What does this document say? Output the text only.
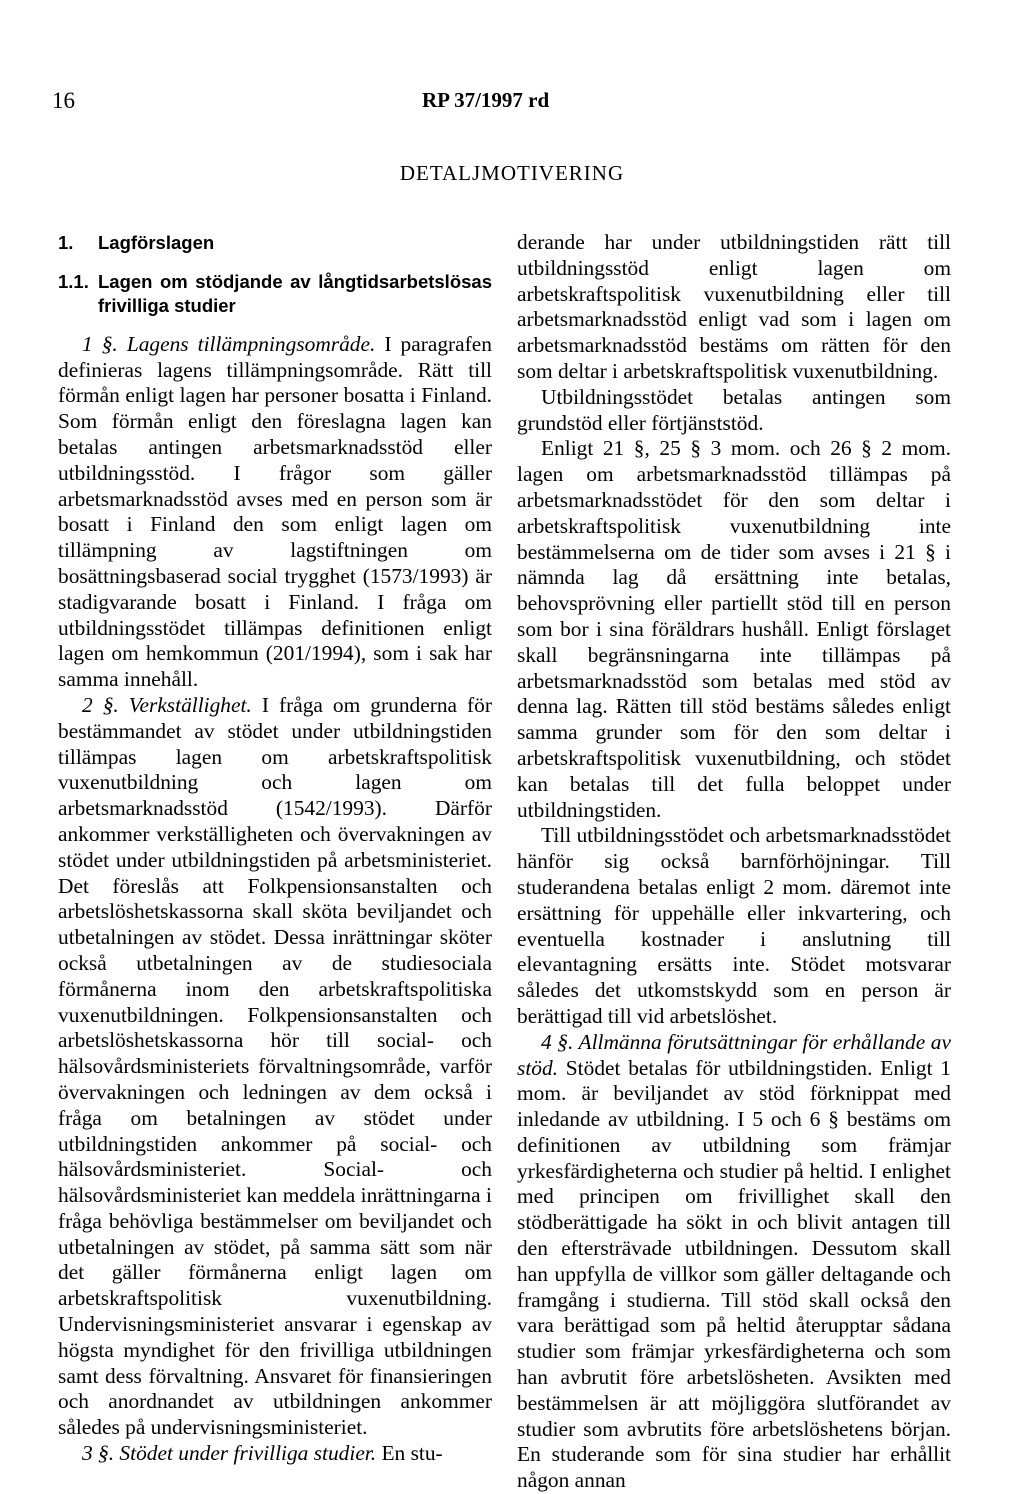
16	RP 37/1997 rd
DETALJMOTIVERING

1. Lagförslagen

1.1. Lagen om stödjande av långtidsarbetslösas frivilliga studier

1 §. Lagens tillämpningsområde. I paragrafen definieras lagens tillämpningsområde. Rätt till förmån enligt lagen har personer bosatta i Finland. Som förmån enligt den föreslagna lagen kan betalas antingen arbetsmarknadsstöd eller utbildningsstöd. I frågor som gäller arbetsmarknadsstöd avses med en person som är bosatt i Finland den som enligt lagen om tillämpning av lagstiftningen om bosättningsbaserad social trygghet (1573/1993) är stadigvarande bosatt i Finland. I fråga om utbildningsstödet tillämpas definitionen enligt lagen om hemkommun (201/1994), som i sak har samma innehåll.

2 §. Verkställighet. I fråga om grunderna för bestämmandet av stödet under utbildningstiden tillämpas lagen om arbetskraftspolitisk vuxenutbildning och lagen om arbetsmarknadsstöd (1542/1993). Därför ankommer verkställigheten och övervakningen av stödet under utbildningstiden på arbetsministeriet. Det föreslås att Folkpensionsanstalten och arbetslöshetskassorna skall sköta beviljandet och utbetalningen av stödet. Dessa inrättningar sköter också utbetalningen av de studiesociala förmånerna inom den arbetskraftspolitiska vuxenutbildningen. Folkpensionsanstalten och arbetslöshetskassorna hör till social- och hälsovårdsministeriets förvaltningsområde, varför övervakningen och ledningen av dem också i fråga om betalningen av stödet under utbildningstiden ankommer på social- och hälsovårdsministeriet. Social- och hälsovårdsministeriet kan meddela inrättningarna i fråga behövliga bestämmelser om beviljandet och utbetalningen av stödet, på samma sätt som när det gäller förmånerna enligt lagen om arbetskraftspolitisk vuxenutbildning. Undervisningsministeriet ansvarar i egenskap av högsta myndighet för den frivilliga utbildningen samt dess förvaltning. Ansvaret för finansieringen och anordnandet av utbildningen ankommer således på undervisningsministeriet.

3 §. Stödet under frivilliga studier. En stu-

derande har under utbildningstiden rätt till utbildningsstöd enligt lagen om arbetskraftspolitisk vuxenutbildning eller till arbetsmarknadsstöd enligt vad som i lagen om arbetsmarknadsstöd bestäms om rätten för den som deltar i arbetskraftspolitisk vuxenutbildning.

Utbildningsstödet betalas antingen som grundstöd eller förtjänststöd.

Enligt 21 §, 25 § 3 mom. och 26 § 2 mom. lagen om arbetsmarknadsstöd tillämpas på arbetsmarknadsstödet för den som deltar i arbetskraftspolitisk vuxenutbildning inte bestämmelserna om de tider som avses i 21 § i nämnda lag då ersättning inte betalas, behovsprövning eller partiellt stöd till en person som bor i sina föräldrars hushåll. Enligt förslaget skall begränsningarna inte tillämpas på arbetsmarknadsstöd som betalas med stöd av denna lag. Rätten till stöd bestäms således enligt samma grunder som för den som deltar i arbetskraftspolitisk vuxenutbildning, och stödet kan betalas till det fulla beloppet under utbildningstiden.

Till utbildningsstödet och arbetsmarknadsstödet hänför sig också barnförhöjningar. Till studerandena betalas enligt 2 mom. däremot inte ersättning för uppehälle eller inkvartering, och eventuella kostnader i anslutning till elevantagning ersätts inte. Stödet motsvarar således det utkomstskydd som en person är berättigad till vid arbetslöshet.

4 §. Allmänna förutsättningar för erhållande av stöd. Stödet betalas för utbildningstiden. Enligt 1 mom. är beviljandet av stöd förknippat med inledande av utbildning. I 5 och 6 § bestäms om definitionen av utbildning som främjar yrkesfärdigheterna och studier på heltid. I enlighet med principen om frivillighet skall den stödberättigade ha sökt in och blivit antagen till den eftersträvade utbildningen. Dessutom skall han uppfylla de villkor som gäller deltagande och framgång i studierna. Till stöd skall också den vara berättigad som på heltid återupptar sådana studier som främjar yrkesfärdigheterna och som han avbrutit före arbetslösheten. Avsikten med bestämmelsen är att möjliggöra slutförandet av studier som avbrutits före arbetslöshetens början. En studerande som för sina studier har erhållit någon annan
